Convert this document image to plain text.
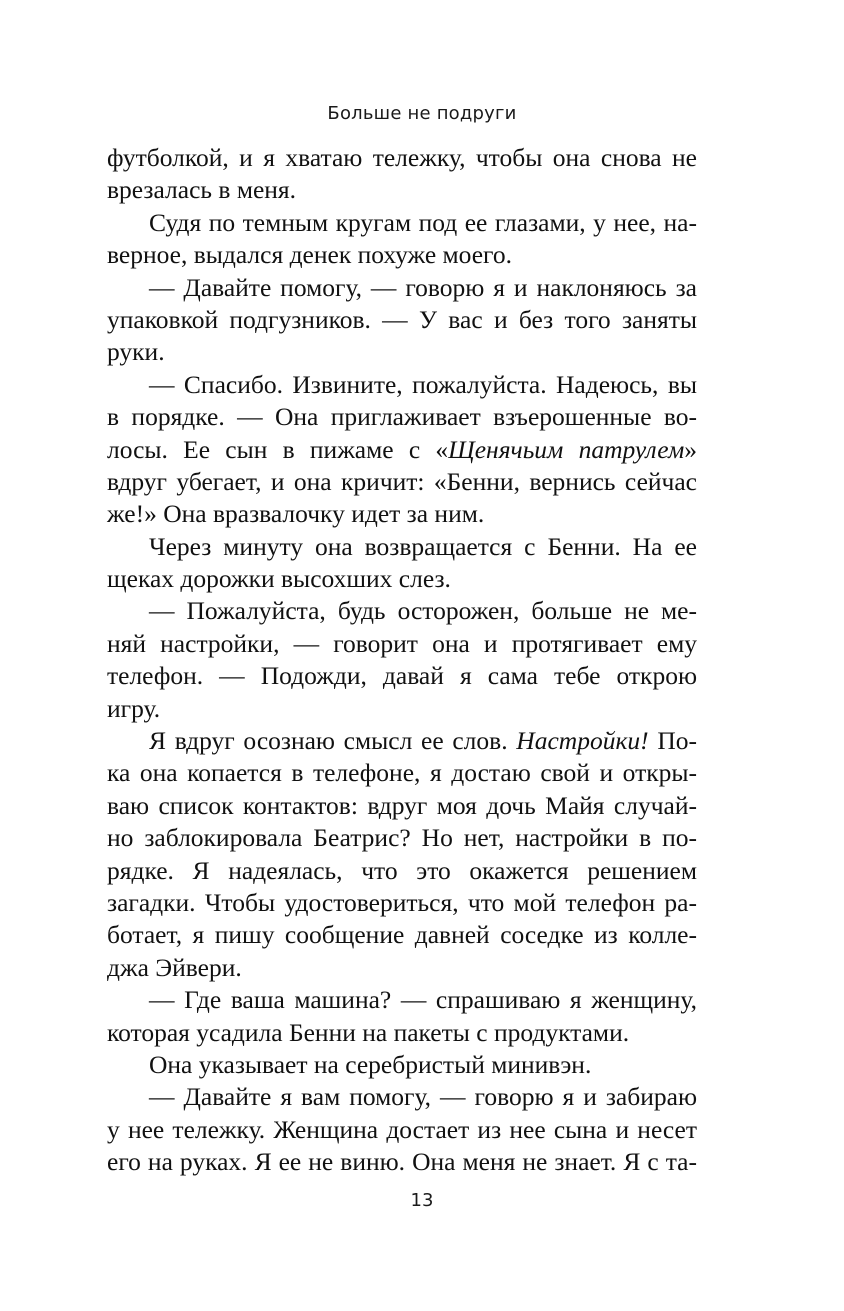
Больше не подруги
футболкой, и я хватаю тележку, чтобы она снова не
врезалась в меня.
Судя по темным кругам под ее глазами, у нее, на-
верное, выдался денек похуже моего.
— Давайте помогу, — говорю я и наклоняюсь за
упаковкой подгузников. — У вас и без того заняты
руки.
— Спасибо. Извините, пожалуйста. Надеюсь, вы
в порядке. — Она приглаживает взъерошенные во-
лосы. Ее сын в пижаме с «Щенячьим патрулем»
вдруг убегает, и она кричит: «Бенни, вернись сейчас
же!» Она вразвалочку идет за ним.
Через минуту она возвращается с Бенни. На ее
щеках дорожки высохших слез.
— Пожалуйста, будь осторожен, больше не ме-
няй настройки, — говорит она и протягивает ему
телефон. — Подожди, давай я сама тебе открою
игру.
Я вдруг осознаю смысл ее слов. Настройки! По-
ка она копается в телефоне, я достаю свой и откры-
ваю список контактов: вдруг моя дочь Майя случай-
но заблокировала Беатрис? Но нет, настройки в по-
рядке. Я надеялась, что это окажется решением
загадки. Чтобы удостовериться, что мой телефон ра-
ботает, я пишу сообщение давней соседке из колле-
джа Эйвери.
— Где ваша машина? — спрашиваю я женщину,
которая усадила Бенни на пакеты с продуктами.
Она указывает на серебристый минивэн.
— Давайте я вам помогу, — говорю я и забираю
у нее тележку. Женщина достает из нее сына и несет
его на руках. Я ее не виню. Она меня не знает. Я с та-
13
